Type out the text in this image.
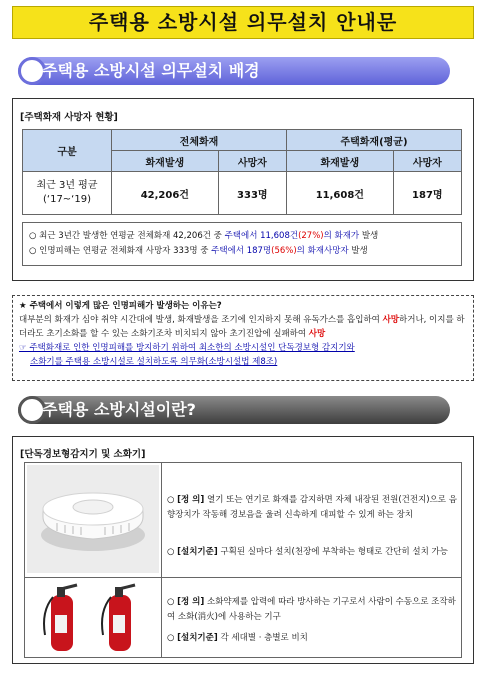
주택용 소방시설 의무설치 안내문
주택용 소방시설 의무설치 배경
[주택화재 사망자 현황]
구분	전체화재		주택화재(평균)	
	화재발생	사망자	화재발생	사망자

최근 3년 평균
(‘17~‘19)	42,206건	333명	11,608건	187명
○ 최근 3년간 발생한 연평균 전체화재 42,206건 중 주택에서 11,608건(27%)의 화재가 발생
○ 인명피해는 연평균 전체화재 사망자 333명 중 주택에서 187명(56%)의 화재사망자 발생
★ 주택에서 이렇게 많은 인명피해가 발생하는 이유는?
대부분의 화재가 심야 취약 시간대에 발생, 화재발생을 조기에 인지하지 못해 유독가스를 흡입하여 사망하거나, 이지를 하더라도 초기소화를 할 수 있는 소화기조차 비치되지 않아 초기진압에 실패하여 사망
☞ 주택화재로 인한 인명피해를 방지하기 위하여 최소한의 소방시설인 단독경보형 감지기와
소화기를 주택용 소방시설로 설치하도록 의무화(소방시설법 제8조)
주택용 소방시설이란?
[단독경보형감지기 및 소화기]
○ [정 의] 열기 또는 연기로 화재를 감지하면 자체 내장된 전원(건전지)으로 음향장치가 작동해 경보음을 울려 신속하게 대피할 수 있게 하는 장치
○ [설치기준] 구획된 실마다 설치(천장에 부착하는 형태로 간단히 설치 가능
○ [정 의] 소화약제를 압력에 따라 방사하는 기구로서 사람이 수동으로 조작하여 소화(消火)에 사용하는 기구
○ [설치기준] 각 세대별 · 층별로 비치
